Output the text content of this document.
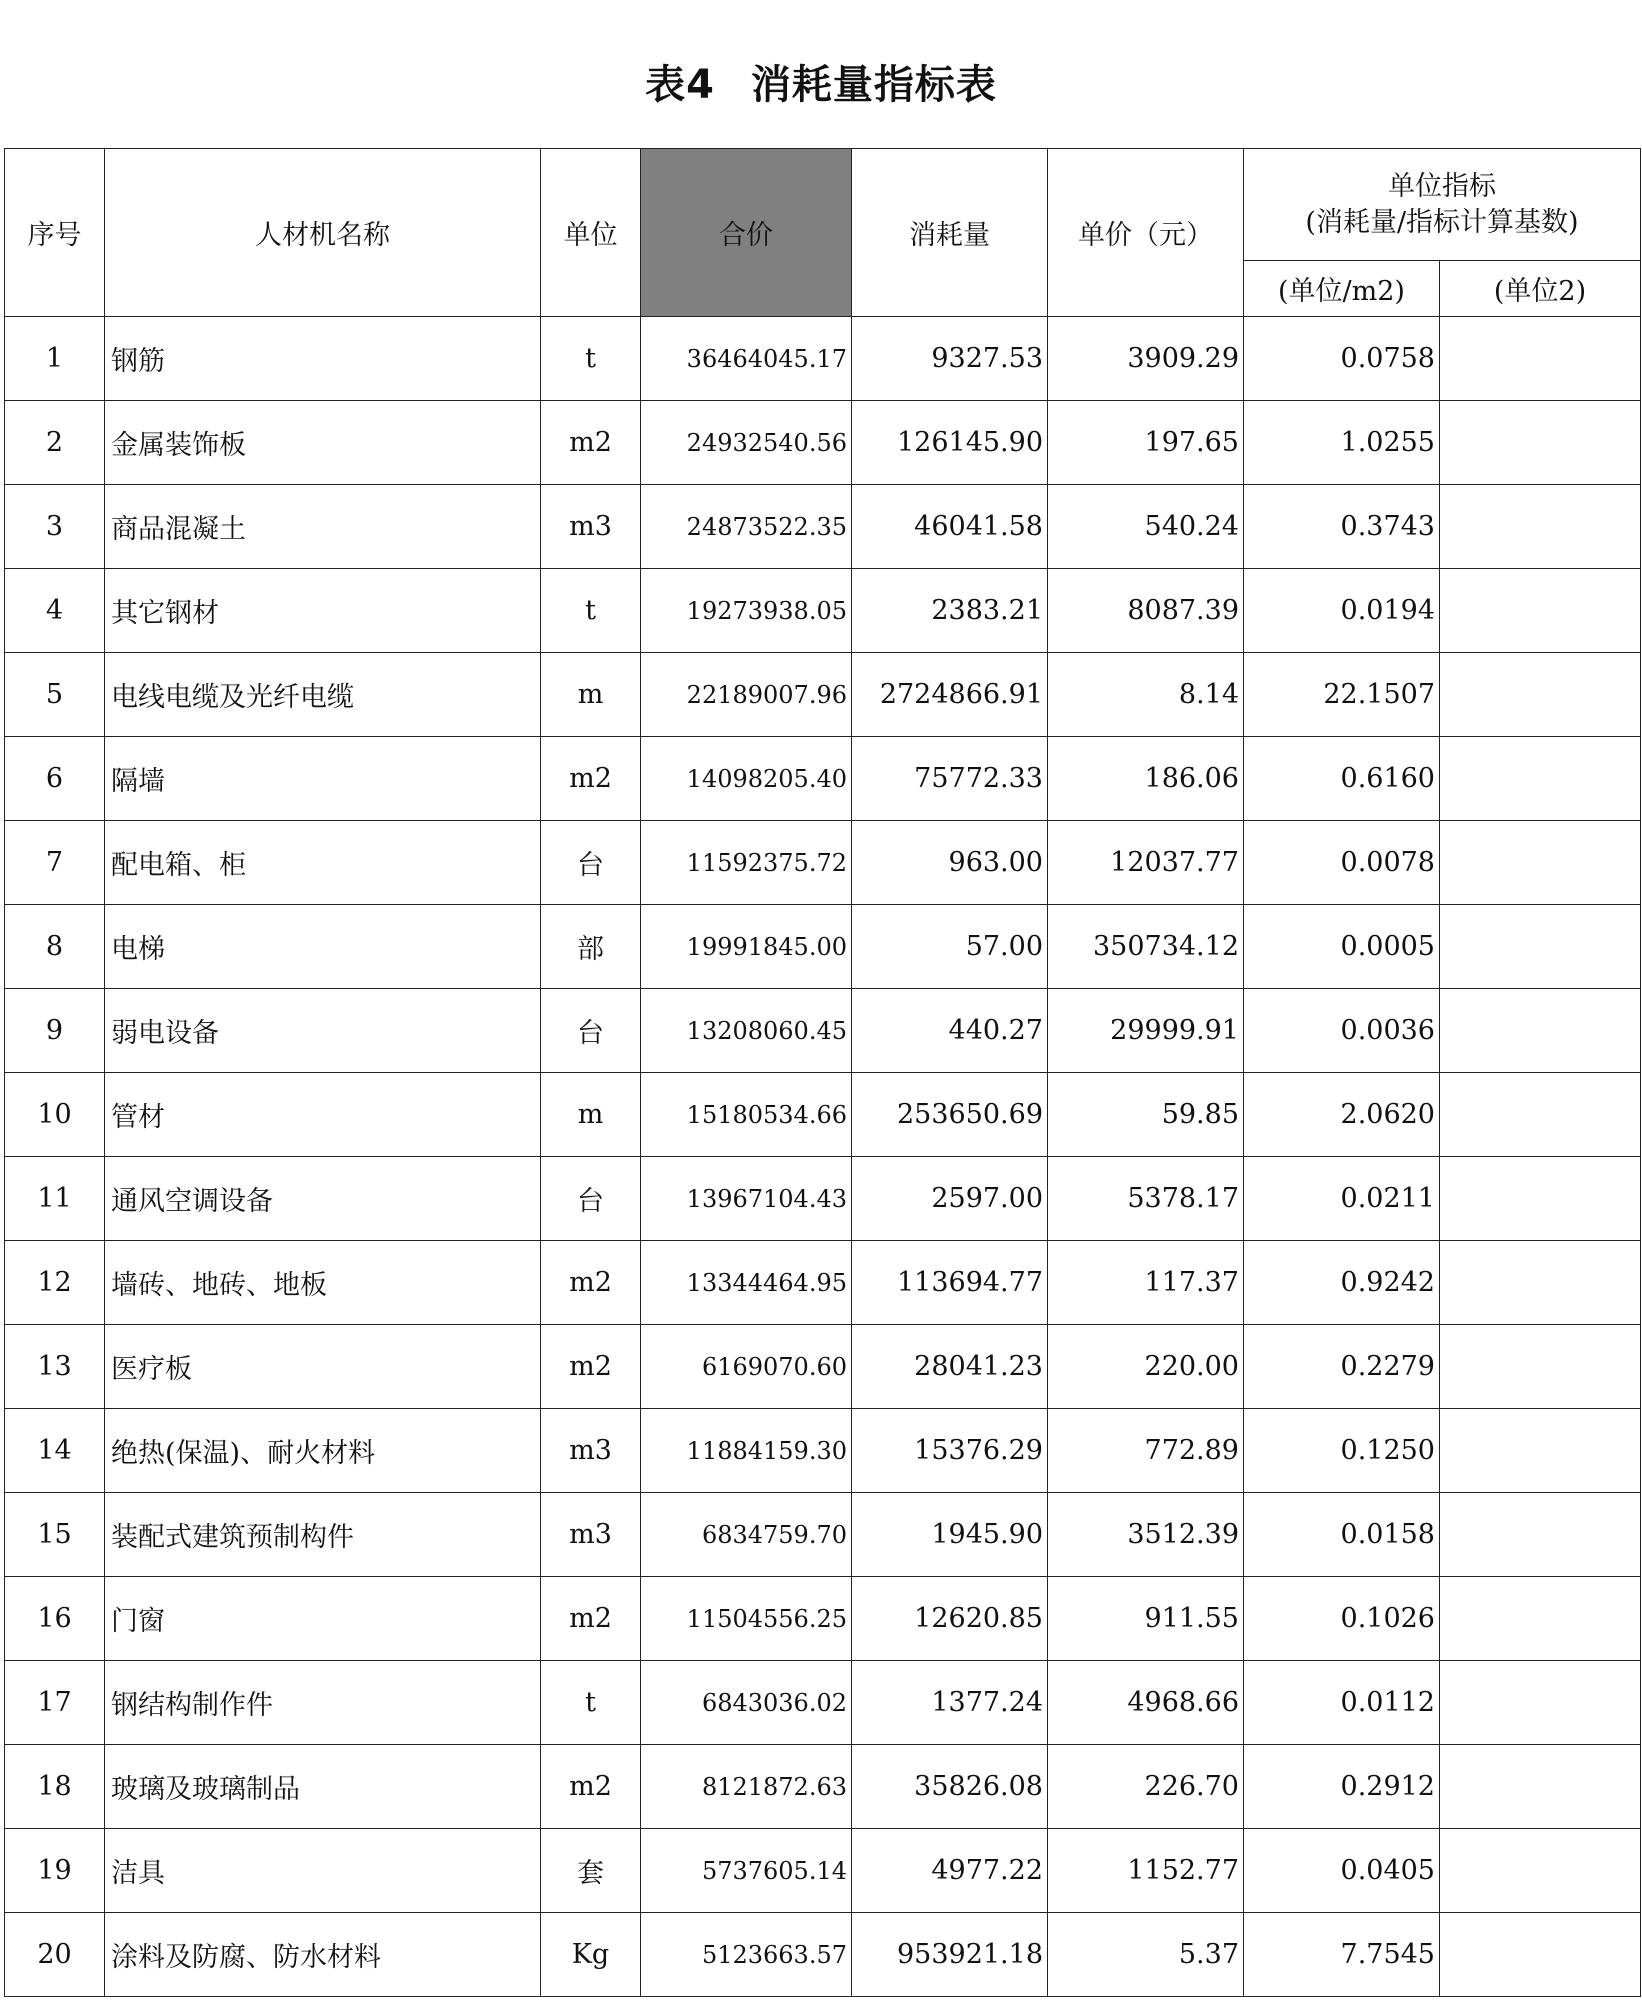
表4 消耗量指标表
序号	人材机名称	单位	合价	消耗量	单价（元）	单位指标
(消耗量/指标计算基数)	

						(单位/m2)	(单位2)
1	钢筋	t	36464045.17	9327.53	3909.29	0.0758	
2	金属装饰板	m2	24932540.56	126145.90	197.65	1.0255	
3	商品混凝土	m3	24873522.35	46041.58	540.24	0.3743	
4	其它钢材	t	19273938.05	2383.21	8087.39	0.0194	
5	电线电缆及光纤电缆	m	22189007.96	2724866.91	8.14	22.1507	
6	隔墙	m2	14098205.40	75772.33	186.06	0.6160	
7	配电箱、柜	台	11592375.72	963.00	12037.77	0.0078	
8	电梯	部	19991845.00	57.00	350734.12	0.0005	
9	弱电设备	台	13208060.45	440.27	29999.91	0.0036	
10	管材	m	15180534.66	253650.69	59.85	2.0620	
11	通风空调设备	台	13967104.43	2597.00	5378.17	0.0211	
12	墙砖、地砖、地板	m2	13344464.95	113694.77	117.37	0.9242	
13	医疗板	m2	6169070.60	28041.23	220.00	0.2279	
14	绝热(保温)、耐火材料	m3	11884159.30	15376.29	772.89	0.1250	
15	装配式建筑预制构件	m3	6834759.70	1945.90	3512.39	0.0158	
16	门窗	m2	11504556.25	12620.85	911.55	0.1026	
17	钢结构制作件	t	6843036.02	1377.24	4968.66	0.0112	
18	玻璃及玻璃制品	m2	8121872.63	35826.08	226.70	0.2912	
19	洁具	套	5737605.14	4977.22	1152.77	0.0405	
20	涂料及防腐、防水材料	Kg	5123663.57	953921.18	5.37	7.7545	
